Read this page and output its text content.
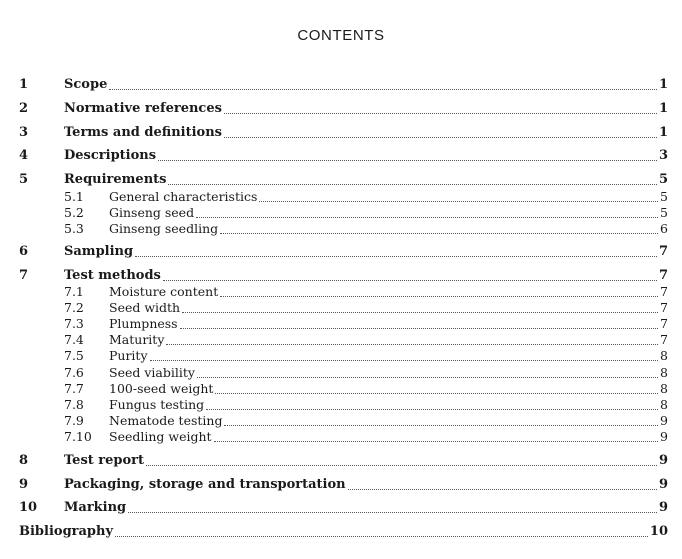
CONTENTS
1	Scope	1
2	Normative references	1
3	Terms and definitions	1
4	Descriptions	3
5	Requirements	5
5.1 General characteristics	5
5.2 Ginseng seed	5
5.3 Ginseng seedling	6
6	Sampling	7
7	Test methods	7
7.1 Moisture content	7
7.2 Seed width	7
7.3 Plumpness	7
7.4 Maturity	7
7.5 Purity	8
7.6 Seed viability	8
7.7 100-seed weight	8
7.8 Fungus testing	8
7.9 Nematode testing	9
7.10 Seedling weight	9
8	Test report	9
9	Packaging, storage and transportation	9
10 Marking	9
Bibliography	10
